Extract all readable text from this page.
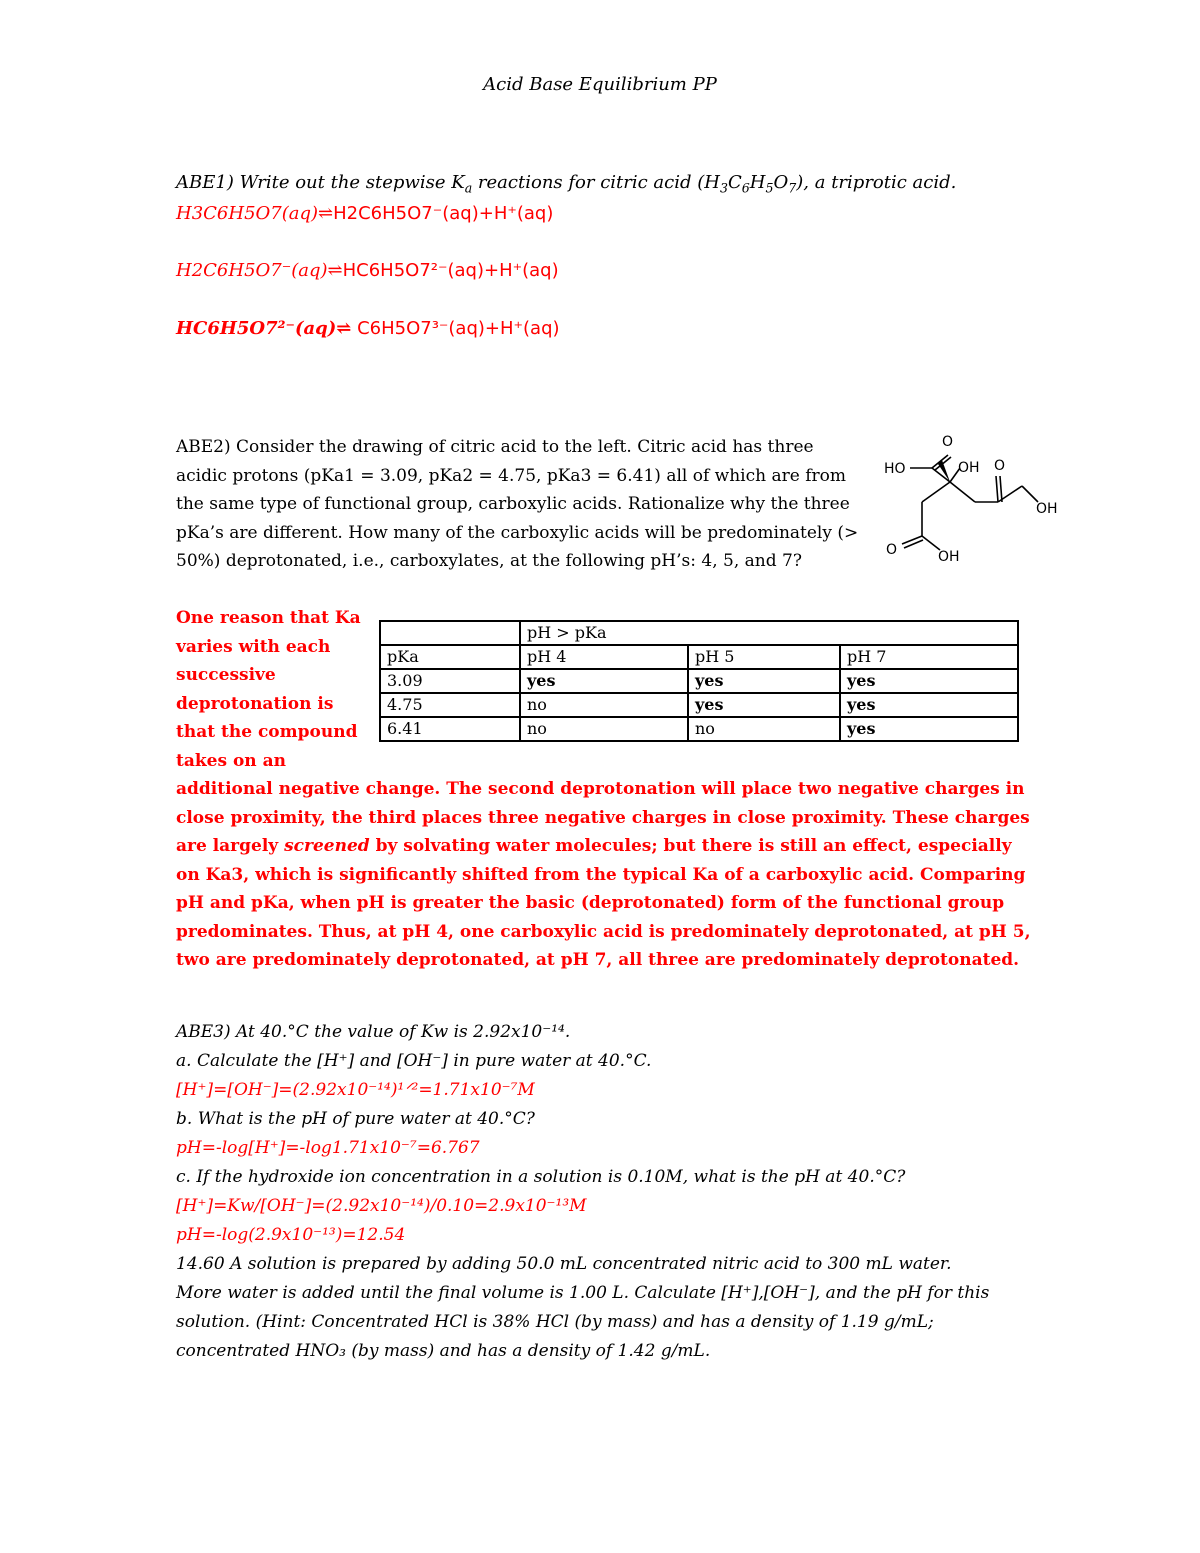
Acid Base Equilibrium PP
ABE1) Write out the stepwise $K_a$ reactions for citric acid $(H_3C_6H_5O_7)$, a triprotic acid.
H3C6H5O7(aq)⇌H2C6H5O7⁻(aq)+H⁺(aq)
H2C6H5O7⁻(aq)⇌HC6H5O7²⁻(aq)+H⁺(aq)
HC6H5O7²⁻(aq)⇌ C6H5O7³⁻(aq)+H⁺(aq)
ABE2) Consider the drawing of citric acid to the left. Citric acid has three acidic protons (pKa1 = 3.09, pKa2 = 4.75, pKa3 = 6.41) all of which are from the same type of functional group, carboxylic acids. Rationalize why the three pKa’s are different. How many of the carboxylic acids will be predominately (> 50%) deprotonated, i.e., carboxylates, at the following pH’s: 4, 5, and 7?
HO	OH
O
O
OH
O	OH
One reason that Ka varies with each successive deprotonation is that the compound takes on an
	pH > pKa		
pKa	pH 4	pH 5	pH 7
3.09	yes	yes	yes
4.75	no	yes	yes
6.41	no	no	yes
additional negative change. The second deprotonation will place two negative charges in close proximity, the third places three negative charges in close proximity. These charges are largely screened by solvating water molecules; but there is still an effect, especially on Ka3, which is significantly shifted from the typical Ka of a carboxylic acid. Comparing pH and pKa, when pH is greater the basic (deprotonated) form of the functional group predominates. Thus, at pH 4, one carboxylic acid is predominately deprotonated, at pH 5, two are predominately deprotonated, at pH 7, all three are predominately deprotonated.
ABE3) At 40.°C the value of Kw is 2.92x10⁻¹⁴.
a. Calculate the [H⁺] and [OH⁻] in pure water at 40.°C.
[H⁺]=[OH⁻]=(2.92x10⁻¹⁴)¹ᐟ²=1.71x10⁻⁷M
b. What is the pH of pure water at 40.°C?
pH=-log[H⁺]=-log1.71x10⁻⁷=6.767
c. If the hydroxide ion concentration in a solution is 0.10M, what is the pH at 40.°C?
[H⁺]=Kw/[OH⁻]=(2.92x10⁻¹⁴)/0.10=2.9x10⁻¹³M
pH=-log(2.9x10⁻¹³)=12.54
14.60 A solution is prepared by adding 50.0 mL concentrated nitric acid to 300 mL water.
More water is added until the final volume is 1.00 L. Calculate [H⁺],[OH⁻], and the pH for this
solution. (Hint: Concentrated HCl is 38% HCl (by mass) and has a density of 1.19 g/mL;
concentrated HNO₃ (by mass) and has a density of 1.42 g/mL.
